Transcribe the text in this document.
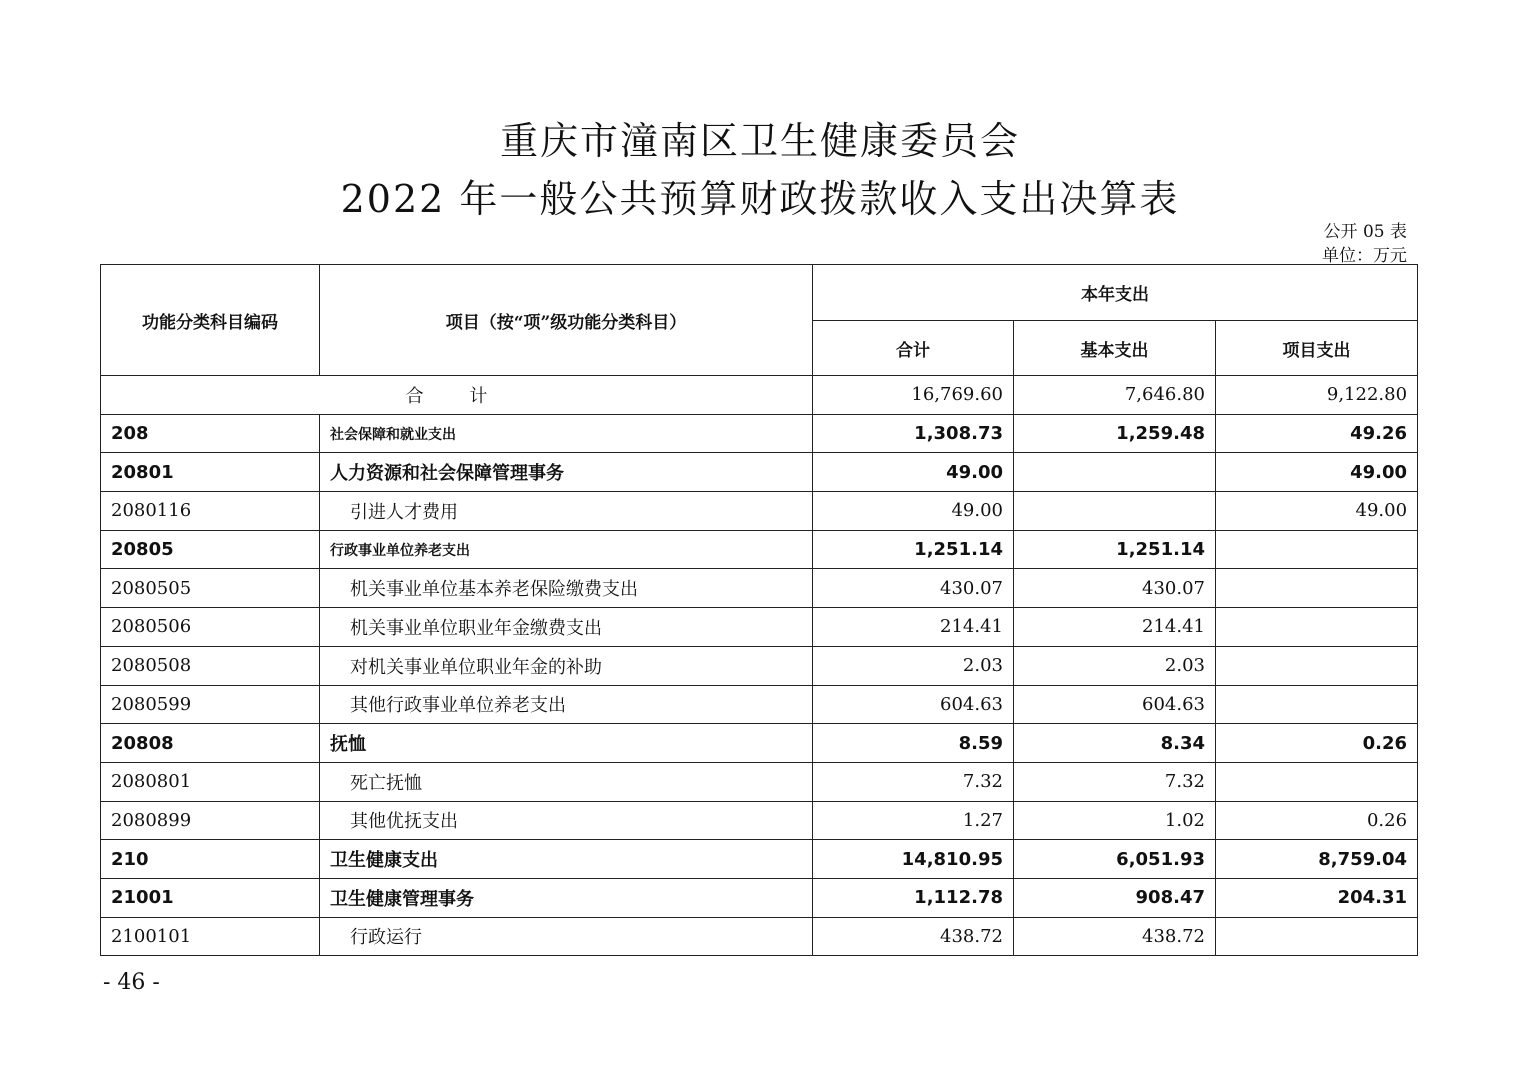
重庆市潼南区卫生健康委员会
2022 年一般公共预算财政拨款收入支出决算表
公开 05 表
单位：万元
功能分类科目编码	项目（按“项”级功能分类科目）	本年支出		
		合计	基本支出	项目支出
合 计		16,769.60	7,646.80	9,122.80
208	社会保障和就业支出	1,308.73	1,259.48	49.26
20801	人力资源和社会保障管理事务	49.00		49.00
2080116	引进人才费用	49.00		49.00
20805	行政事业单位养老支出	1,251.14	1,251.14	
2080505	机关事业单位基本养老保险缴费支出	430.07	430.07	
2080506	机关事业单位职业年金缴费支出	214.41	214.41	
2080508	对机关事业单位职业年金的补助	2.03	2.03	
2080599	其他行政事业单位养老支出	604.63	604.63	
20808	抚恤	8.59	8.34	0.26
2080801	死亡抚恤	7.32	7.32	
2080899	其他优抚支出	1.27	1.02	0.26
210	卫生健康支出	14,810.95	6,051.93	8,759.04
21001	卫生健康管理事务	1,112.78	908.47	204.31
2100101	行政运行	438.72	438.72	
- 46 -
